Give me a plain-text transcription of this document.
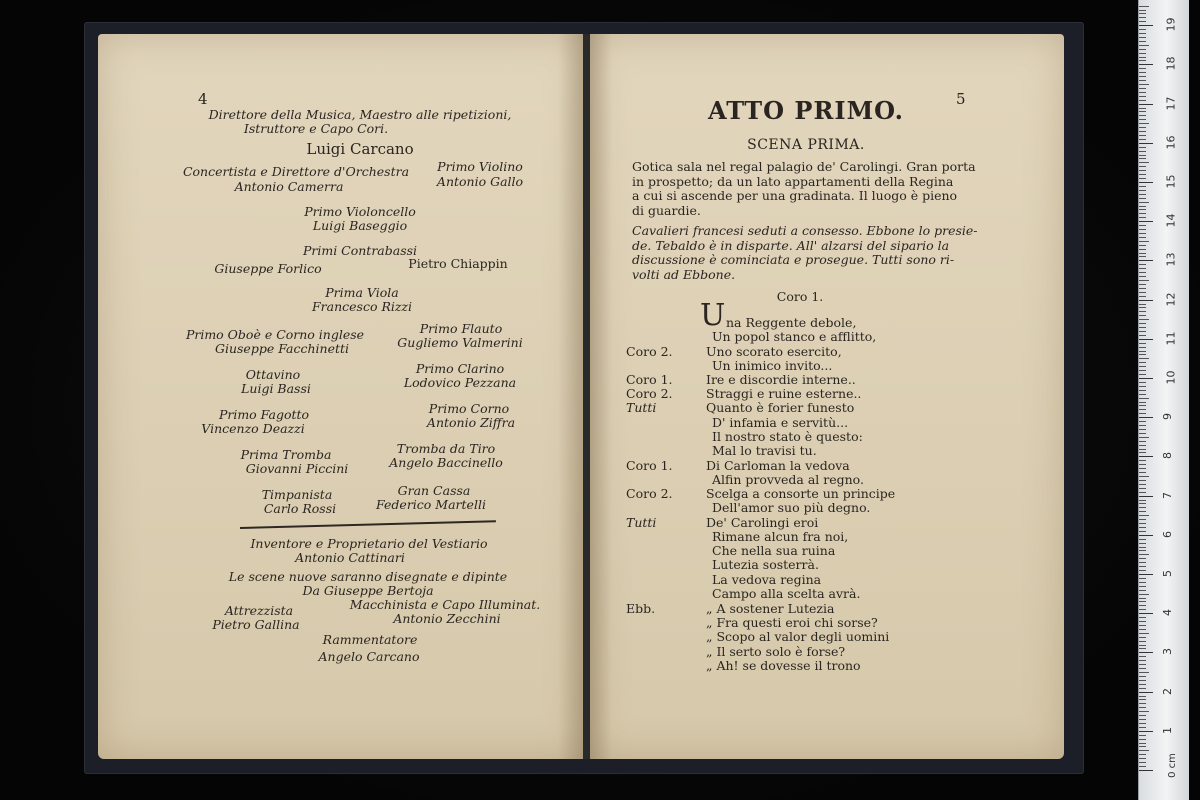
4
Direttore della Musica, Maestro alle ripetizioni,
Istruttore e Capo Cori.
Luigi Carcano
Concertista e Direttore d'Orchestra
Antonio Camerra
Primo Violino
Antonio Gallo
Primo Violoncello
Luigi Baseggio
Primi Contrabassi
Giuseppe Forlico	Pietro Chiappin
Prima Viola
Francesco Rizzi
Primo Oboè e Corno inglese
Giuseppe Facchinetti
Primo Flauto
Gugliemo Valmerini
Ottavino
Luigi Bassi
Primo Clarino
Lodovico Pezzana
Primo Fagotto
Vincenzo Deazzi
Primo Corno
Antonio Ziffra
Prima Tromba
Giovanni Piccini
Tromba da Tiro
Angelo Baccinello
Timpanista
Carlo Rossi
Gran Cassa
Federico Martelli
Inventore e Proprietario del Vestiario
Antonio Cattinari
Le scene nuove saranno disegnate e dipinte
Da Giuseppe Bertoja
Attrezzista
Pietro Gallina
Macchinista e Capo Illuminat.
Antonio Zecchini
Rammentatore
Angelo Carcano
5
ATTO PRIMO.
SCENA PRIMA.
Gotica sala nel regal palagio de' Carolingi. Gran porta
in prospetto; da un lato appartamenti della Regina
a cui si ascende per una gradinata. Il luogo è pieno
di guardie.
Cavalieri francesi seduti a consesso. Ebbone lo presie-
de. Tebaldo è in disparte. All' alzarsi del sipario la
discussione è cominciata e prosegue. Tutti sono ri-
volti ad Ebbone.
Coro 1.
U na Reggente debole,
Un popol stanco e afflitto,
Coro 2.	Uno scorato esercito,
Un inimico invito...
Coro 1.	Ire e discordie interne..
Coro 2.	Straggi e ruine esterne..
Tutti	Quanto è forier funesto
D' infamia e servitù...
Il nostro stato è questo:
Mal lo travisi tu.
Coro 1.	Di Carloman la vedova
Alfin provveda al regno.
Coro 2.	Scelga a consorte un principe
Dell'amor suo più degno.
Tutti	De' Carolingi eroi
Rimane alcun fra noi,
Che nella sua ruina
Lutezia sosterrà.
La vedova regina
Campo alla scelta avrà.
Ebb.	„ A sostener Lutezia
„ Fra questi eroi chi sorse?
„ Scopo al valor degli uomini
„ Il serto solo è forse?
„ Ah! se dovesse il trono
1
2
3
4
5
6
7
8
9
10
11
12
13
14
15
16
17
18
19
0 cm
